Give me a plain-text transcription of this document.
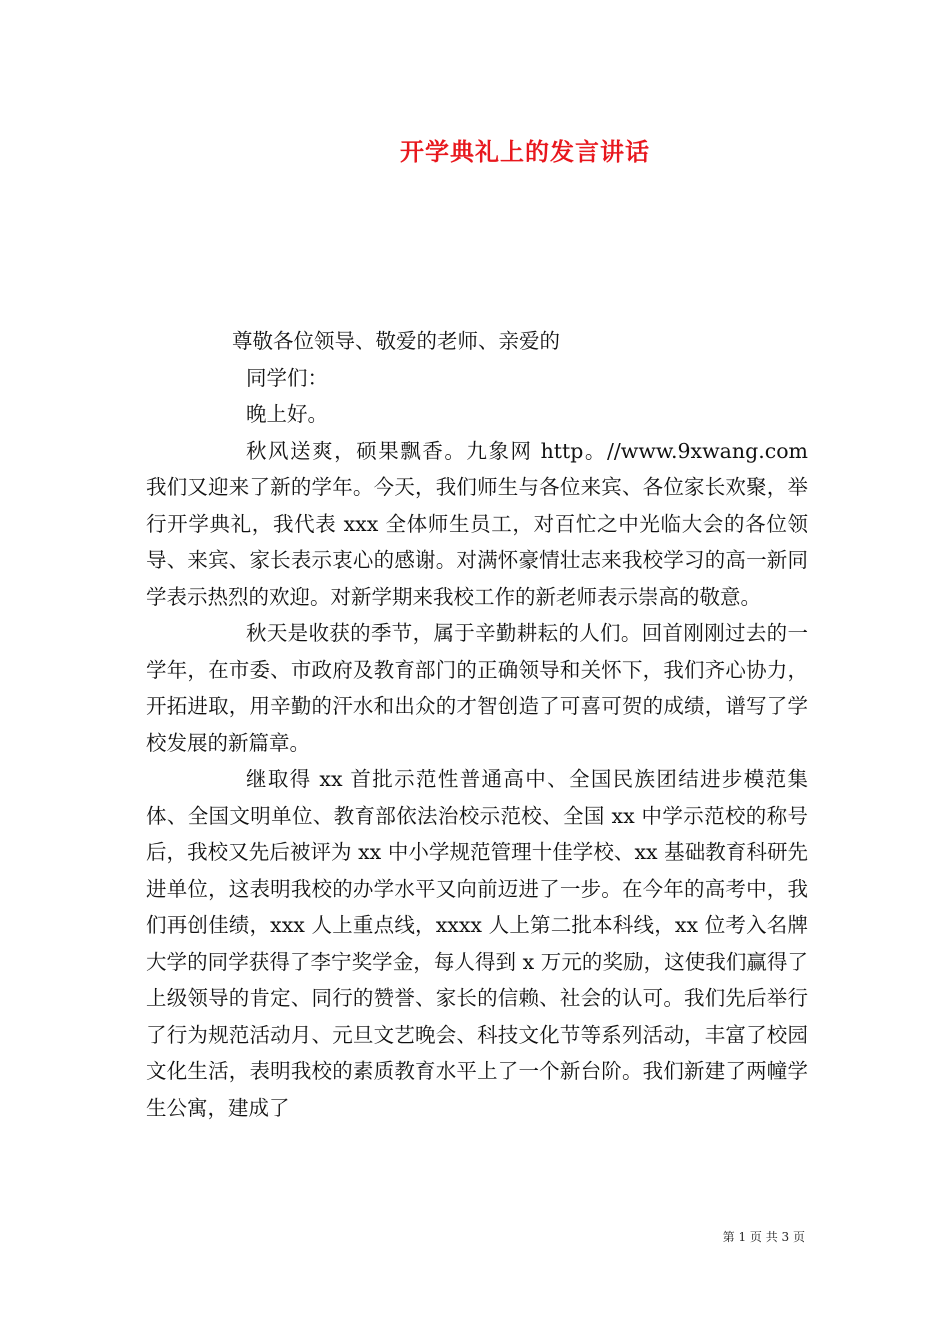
开学典礼上的发言讲话
尊敬各位领导、敬爱的老师、亲爱的
同学们：
晚上好。
秋风送爽，硕果飘香。九象网 http。//www.9xwang.com 我们又迎来了新的学年。今天，我们师生与各位来宾、各位家长欢聚，举行开学典礼，我代表 xxx 全体师生员工，对百忙之中光临大会的各位领导、来宾、家长表示衷心的感谢。对满怀豪情壮志来我校学习的高一新同学表示热烈的欢迎。对新学期来我校工作的新老师表示崇高的敬意。
秋天是收获的季节，属于辛勤耕耘的人们。回首刚刚过去的一学年，在市委、市政府及教育部门的正确领导和关怀下，我们齐心协力，开拓进取，用辛勤的汗水和出众的才智创造了可喜可贺的成绩，谱写了学校发展的新篇章。
继取得 xx 首批示范性普通高中、全国民族团结进步模范集体、全国文明单位、教育部依法治校示范校、全国 xx 中学示范校的称号后，我校又先后被评为 xx 中小学规范管理十佳学校、xx 基础教育科研先进单位，这表明我校的办学水平又向前迈进了一步。在今年的高考中，我们再创佳绩，xxx 人上重点线，xxxx 人上第二批本科线，xx 位考入名牌大学的同学获得了李宁奖学金，每人得到 x 万元的奖励，这使我们赢得了上级领导的肯定、同行的赞誉、家长的信赖、社会的认可。我们先后举行了行为规范活动月、元旦文艺晚会、科技文化节等系列活动，丰富了校园文化生活，表明我校的素质教育水平上了一个新台阶。我们新建了两幢学生公寓，建成了
第 1 页 共 3 页
